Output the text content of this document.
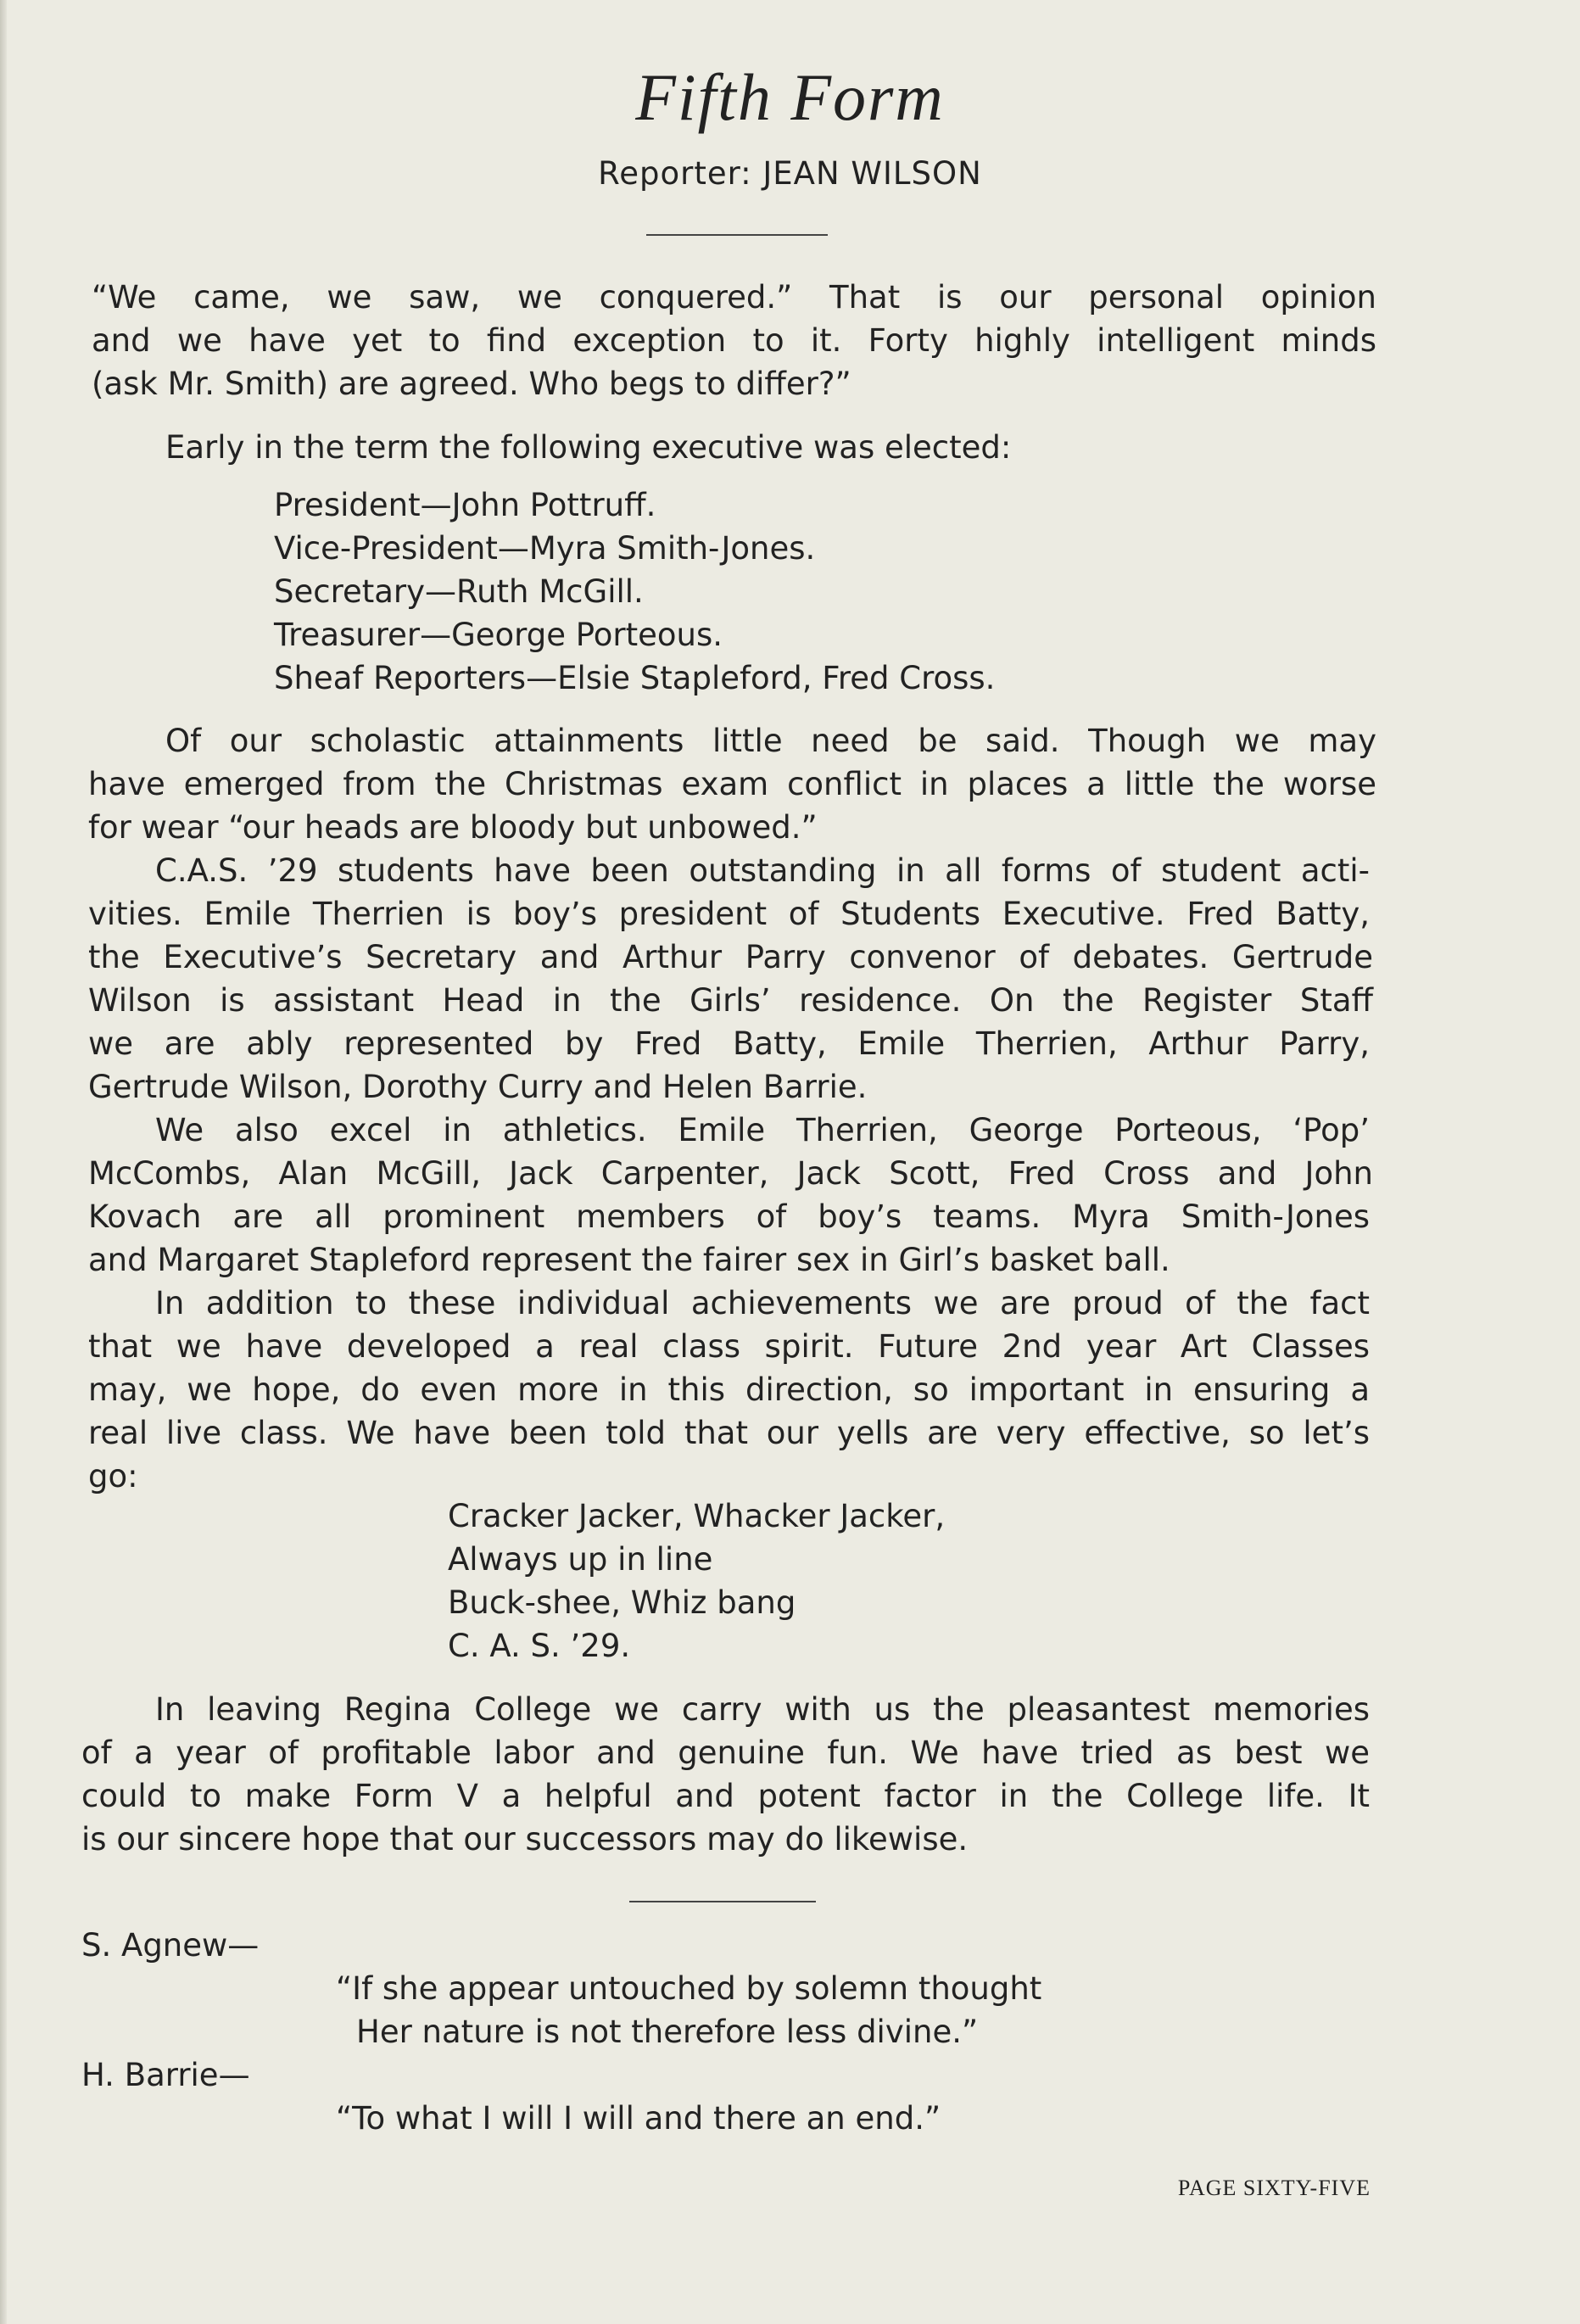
Fifth Form
Reporter: JEAN WILSON
“We came, we saw, we conquered.” That is our personal opinion
and we have yet to find exception to it. Forty highly intelligent minds
(ask Mr. Smith) are agreed. Who begs to differ?”
Early in the term the following executive was elected:
President—John Pottruff.
Vice-President—Myra Smith-Jones.
Secretary—Ruth McGill.
Treasurer—George Porteous.
Sheaf Reporters—Elsie Stapleford, Fred Cross.
Of our scholastic attainments little need be said. Though we may
have emerged from the Christmas exam conflict in places a little the worse
for wear “our heads are bloody but unbowed.”
C.A.S. ’29 students have been outstanding in all forms of student acti-
vities. Emile Therrien is boy’s president of Students Executive. Fred Batty,
the Executive’s Secretary and Arthur Parry convenor of debates. Gertrude
Wilson is assistant Head in the Girls’ residence. On the Register Staff
we are ably represented by Fred Batty, Emile Therrien, Arthur Parry,
Gertrude Wilson, Dorothy Curry and Helen Barrie.
We also excel in athletics. Emile Therrien, George Porteous, ‘Pop’
McCombs, Alan McGill, Jack Carpenter, Jack Scott, Fred Cross and John
Kovach are all prominent members of boy’s teams. Myra Smith-Jones
and Margaret Stapleford represent the fairer sex in Girl’s basket ball.
In addition to these individual achievements we are proud of the fact
that we have developed a real class spirit. Future 2nd year Art Classes
may, we hope, do even more in this direction, so important in ensuring a
real live class. We have been told that our yells are very effective, so let’s
go:
Cracker Jacker, Whacker Jacker,
Always up in line
Buck-shee, Whiz bang
C. A. S. ’29.
In leaving Regina College we carry with us the pleasantest memories
of a year of profitable labor and genuine fun. We have tried as best we
could to make Form V a helpful and potent factor in the College life. It
is our sincere hope that our successors may do likewise.
S. Agnew—
“If she appear untouched by solemn thought
Her nature is not therefore less divine.”
H. Barrie—
“To what I will I will and there an end.”
PAGE SIXTY-FIVE
